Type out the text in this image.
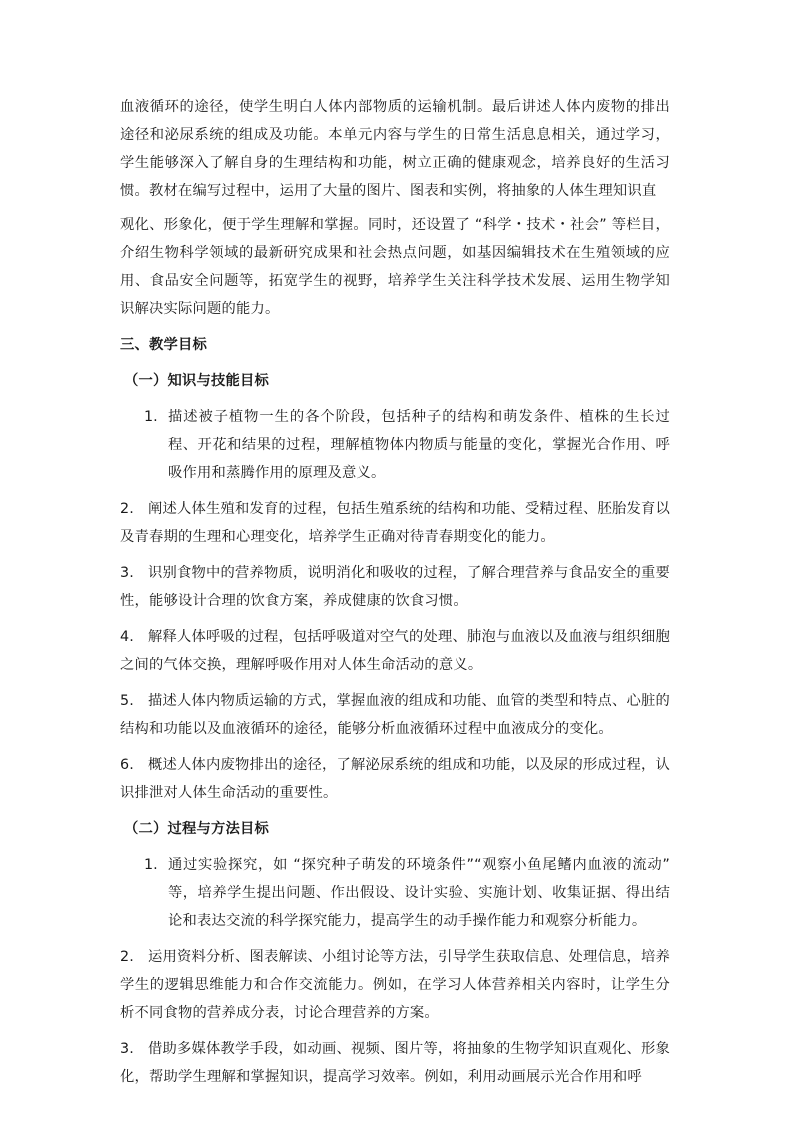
血液循环的途径，使学生明白人体内部物质的运输机制。最后讲述人体内废物的排出途径和泌尿系统的组成及功能。本单元内容与学生的日常生活息息相关，通过学习，学生能够深入了解自身的生理结构和功能，树立正确的健康观念，培养良好的生活习惯。教材在编写过程中，运用了大量的图片、图表和实例，将抽象的人体生理知识直

观化、形象化，便于学生理解和掌握。同时，还设置了 “科学・技术・社会” 等栏目，介绍生物科学领域的最新研究成果和社会热点问题，如基因编辑技术在生殖领域的应用、食品安全问题等，拓宽学生的视野，培养学生关注科学技术发展、运用生物学知识解决实际问题的能力。

三、教学目标

（一）知识与技能目标

1. 描述被子植物一生的各个阶段，包括种子的结构和萌发条件、植株的生长过程、开花和结果的过程，理解植物体内物质与能量的变化，掌握光合作用、呼吸作用和蒸腾作用的原理及意义。

2. 阐述人体生殖和发育的过程，包括生殖系统的结构和功能、受精过程、胚胎发育以及青春期的生理和心理变化，培养学生正确对待青春期变化的能力。

3. 识别食物中的营养物质，说明消化和吸收的过程，了解合理营养与食品安全的重要性，能够设计合理的饮食方案，养成健康的饮食习惯。

4. 解释人体呼吸的过程，包括呼吸道对空气的处理、肺泡与血液以及血液与组织细胞之间的气体交换，理解呼吸作用对人体生命活动的意义。

5. 描述人体内物质运输的方式，掌握血液的组成和功能、血管的类型和特点、心脏的结构和功能以及血液循环的途径，能够分析血液循环过程中血液成分的变化。

6. 概述人体内废物排出的途径，了解泌尿系统的组成和功能，以及尿的形成过程，认识排泄对人体生命活动的重要性。

（二）过程与方法目标

1. 通过实验探究，如 “探究种子萌发的环境条件”“观察小鱼尾鳍内血液的流动” 等，培养学生提出问题、作出假设、设计实验、实施计划、收集证据、得出结论和表达交流的科学探究能力，提高学生的动手操作能力和观察分析能力。

2. 运用资料分析、图表解读、小组讨论等方法，引导学生获取信息、处理信息，培养学生的逻辑思维能力和合作交流能力。例如，在学习人体营养相关内容时，让学生分析不同食物的营养成分表，讨论合理营养的方案。

3. 借助多媒体教学手段，如动画、视频、图片等，将抽象的生物学知识直观化、形象化，帮助学生理解和掌握知识，提高学习效率。例如，利用动画展示光合作用和呼
